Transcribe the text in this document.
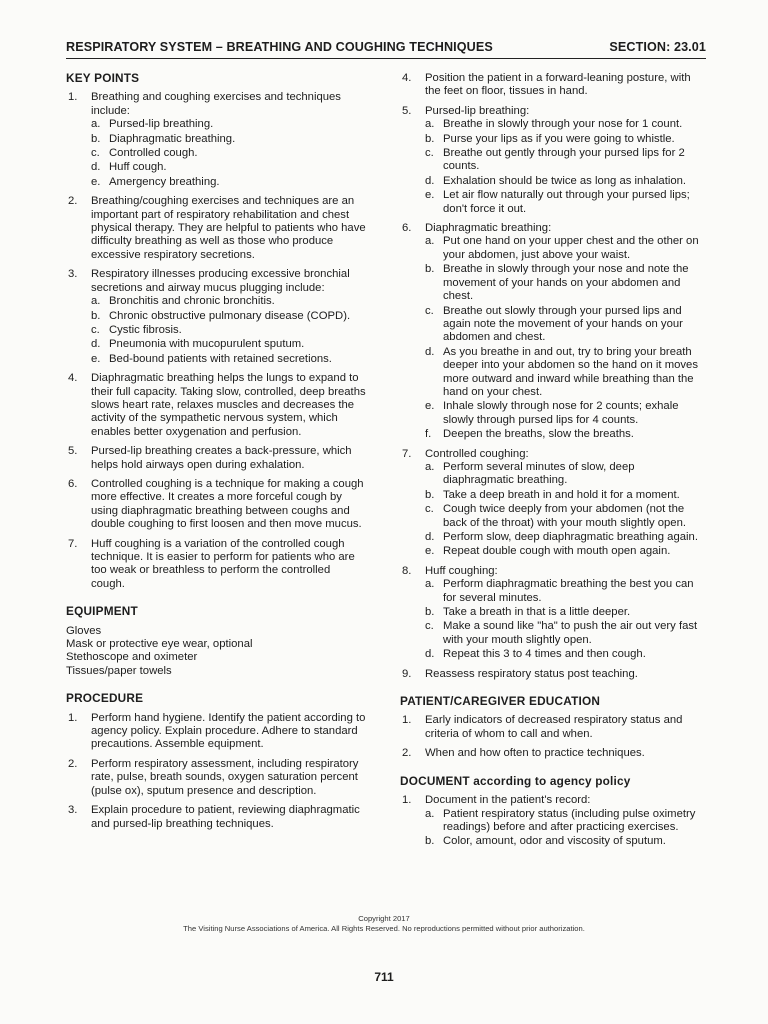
RESPIRATORY SYSTEM – BREATHING AND COUGHING TECHNIQUES	SECTION: 23.01
KEY POINTS
1. Breathing and coughing exercises and techniques include:
a. Pursed-lip breathing.
b. Diaphragmatic breathing.
c. Controlled cough.
d. Huff cough.
e. Amergency breathing.
2. Breathing/coughing exercises and techniques are an important part of respiratory rehabilitation and chest physical therapy. They are helpful to patients who have difficulty breathing as well as those who produce excessive respiratory secretions.
3. Respiratory illnesses producing excessive bronchial secretions and airway mucus plugging include:
a. Bronchitis and chronic bronchitis.
b. Chronic obstructive pulmonary disease (COPD).
c. Cystic fibrosis.
d. Pneumonia with mucopurulent sputum.
e. Bed-bound patients with retained secretions.
4. Diaphragmatic breathing helps the lungs to expand to their full capacity. Taking slow, controlled, deep breaths slows heart rate, relaxes muscles and decreases the activity of the sympathetic nervous system, which enables better oxygenation and perfusion.
5. Pursed-lip breathing creates a back-pressure, which helps hold airways open during exhalation.
6. Controlled coughing is a technique for making a cough more effective. It creates a more forceful cough by using diaphragmatic breathing between coughs and double coughing to first loosen and then move mucus.
7. Huff coughing is a variation of the controlled cough technique. It is easier to perform for patients who are too weak or breathless to perform the controlled cough.
EQUIPMENT
Gloves
Mask or protective eye wear, optional
Stethoscope and oximeter
Tissues/paper towels
PROCEDURE
1. Perform hand hygiene. Identify the patient according to agency policy. Explain procedure. Adhere to standard precautions. Assemble equipment.
2. Perform respiratory assessment, including respiratory rate, pulse, breath sounds, oxygen saturation percent (pulse ox), sputum presence and description.
3. Explain procedure to patient, reviewing diaphragmatic and pursed-lip breathing techniques.
4. Position the patient in a forward-leaning posture, with the feet on floor, tissues in hand.
5. Pursed-lip breathing:
a. Breathe in slowly through your nose for 1 count.
b. Purse your lips as if you were going to whistle.
c. Breathe out gently through your pursed lips for 2 counts.
d. Exhalation should be twice as long as inhalation.
e. Let air flow naturally out through your pursed lips; don't force it out.
6. Diaphragmatic breathing:
a. Put one hand on your upper chest and the other on your abdomen, just above your waist.
b. Breathe in slowly through your nose and note the movement of your hands on your abdomen and chest.
c. Breathe out slowly through your pursed lips and again note the movement of your hands on your abdomen and chest.
d. As you breathe in and out, try to bring your breath deeper into your abdomen so the hand on it moves more outward and inward while breathing than the hand on your chest.
e. Inhale slowly through nose for 2 counts; exhale slowly through pursed lips for 4 counts.
f. Deepen the breaths, slow the breaths.
7. Controlled coughing:
a. Perform several minutes of slow, deep diaphragmatic breathing.
b. Take a deep breath in and hold it for a moment.
c. Cough twice deeply from your abdomen (not the back of the throat) with your mouth slightly open.
d. Perform slow, deep diaphragmatic breathing again.
e. Repeat double cough with mouth open again.
8. Huff coughing:
a. Perform diaphragmatic breathing the best you can for several minutes.
b. Take a breath in that is a little deeper.
c. Make a sound like "ha" to push the air out very fast with your mouth slightly open.
d. Repeat this 3 to 4 times and then cough.
9. Reassess respiratory status post teaching.
PATIENT/CAREGIVER EDUCATION
1. Early indicators of decreased respiratory status and criteria of whom to call and when.
2. When and how often to practice techniques.
DOCUMENT according to agency policy
1. Document in the patient's record:
a. Patient respiratory status (including pulse oximetry readings) before and after practicing exercises.
b. Color, amount, odor and viscosity of sputum.
Copyright 2017
The Visiting Nurse Associations of America. All Rights Reserved. No reproductions permitted without prior authorization.
711
